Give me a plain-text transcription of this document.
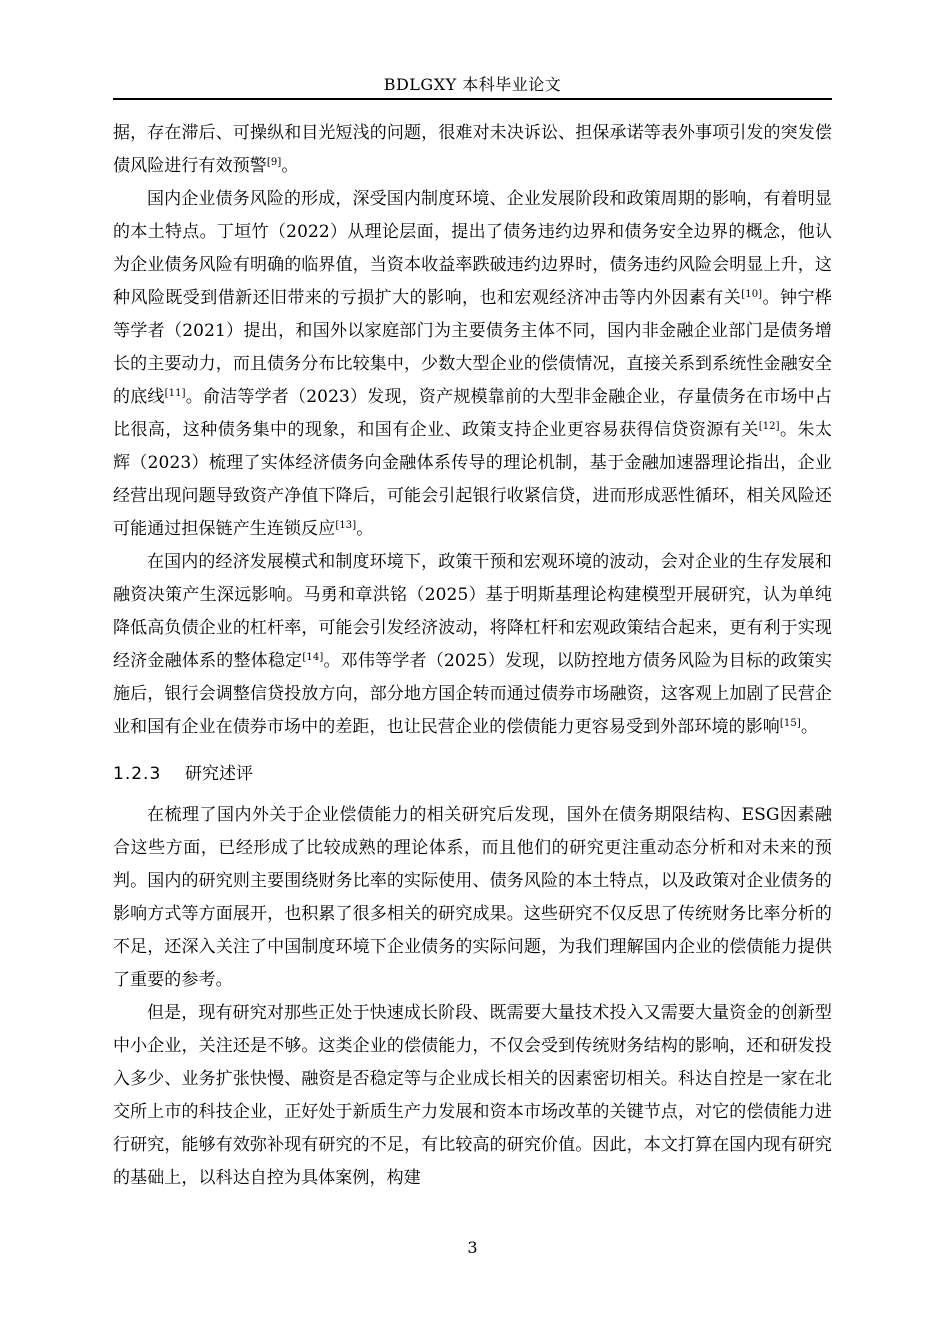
BDLGXY 本科毕业论文

据，存在滞后、可操纵和目光短浅的问题，很难对未决诉讼、担保承诺等表外事项引发的突发偿债风险进行有效预警[9]。

国内企业债务风险的形成，深受国内制度环境、企业发展阶段和政策周期的影响，有着明显的本土特点。丁垣竹（2022）从理论层面，提出了债务违约边界和债务安全边界的概念，他认为企业债务风险有明确的临界值，当资本收益率跌破违约边界时，债务违约风险会明显上升，这种风险既受到借新还旧带来的亏损扩大的影响，也和宏观经济冲击等内外因素有关[10]。钟宁桦等学者（2021）提出，和国外以家庭部门为主要债务主体不同，国内非金融企业部门是债务增长的主要动力，而且债务分布比较集中，少数大型企业的偿债情况，直接关系到系统性金融安全的底线[11]。俞洁等学者（2023）发现，资产规模靠前的大型非金融企业，存量债务在市场中占比很高，这种债务集中的现象，和国有企业、政策支持企业更容易获得信贷资源有关[12]。朱太辉（2023）梳理了实体经济债务向金融体系传导的理论机制，基于金融加速器理论指出，企业经营出现问题导致资产净值下降后，可能会引起银行收紧信贷，进而形成恶性循环，相关风险还可能通过担保链产生连锁反应[13]。

在国内的经济发展模式和制度环境下，政策干预和宏观环境的波动，会对企业的生存发展和融资决策产生深远影响。马勇和章洪铭（2025）基于明斯基理论构建模型开展研究，认为单纯降低高负债企业的杠杆率，可能会引发经济波动，将降杠杆和宏观政策结合起来，更有利于实现经济金融体系的整体稳定[14]。邓伟等学者（2025）发现，以防控地方债务风险为目标的政策实施后，银行会调整信贷投放方向，部分地方国企转而通过债券市场融资，这客观上加剧了民营企业和国有企业在债券市场中的差距，也让民营企业的偿债能力更容易受到外部环境的影响[15]。

1.2.3 研究述评

在梳理了国内外关于企业偿债能力的相关研究后发现，国外在债务期限结构、ESG因素融合这些方面，已经形成了比较成熟的理论体系，而且他们的研究更注重动态分析和对未来的预判。国内的研究则主要围绕财务比率的实际使用、债务风险的本土特点，以及政策对企业债务的影响方式等方面展开，也积累了很多相关的研究成果。这些研究不仅反思了传统财务比率分析的不足，还深入关注了中国制度环境下企业债务的实际问题，为我们理解国内企业的偿债能力提供了重要的参考。

但是，现有研究对那些正处于快速成长阶段、既需要大量技术投入又需要大量资金的创新型中小企业，关注还是不够。这类企业的偿债能力，不仅会受到传统财务结构的影响，还和研发投入多少、业务扩张快慢、融资是否稳定等与企业成长相关的因素密切相关。科达自控是一家在北交所上市的科技企业，正好处于新质生产力发展和资本市场改革的关键节点，对它的偿债能力进行研究，能够有效弥补现有研究的不足，有比较高的研究价值。因此，本文打算在国内现有研究的基础上，以科达自控为具体案例，构建

3
